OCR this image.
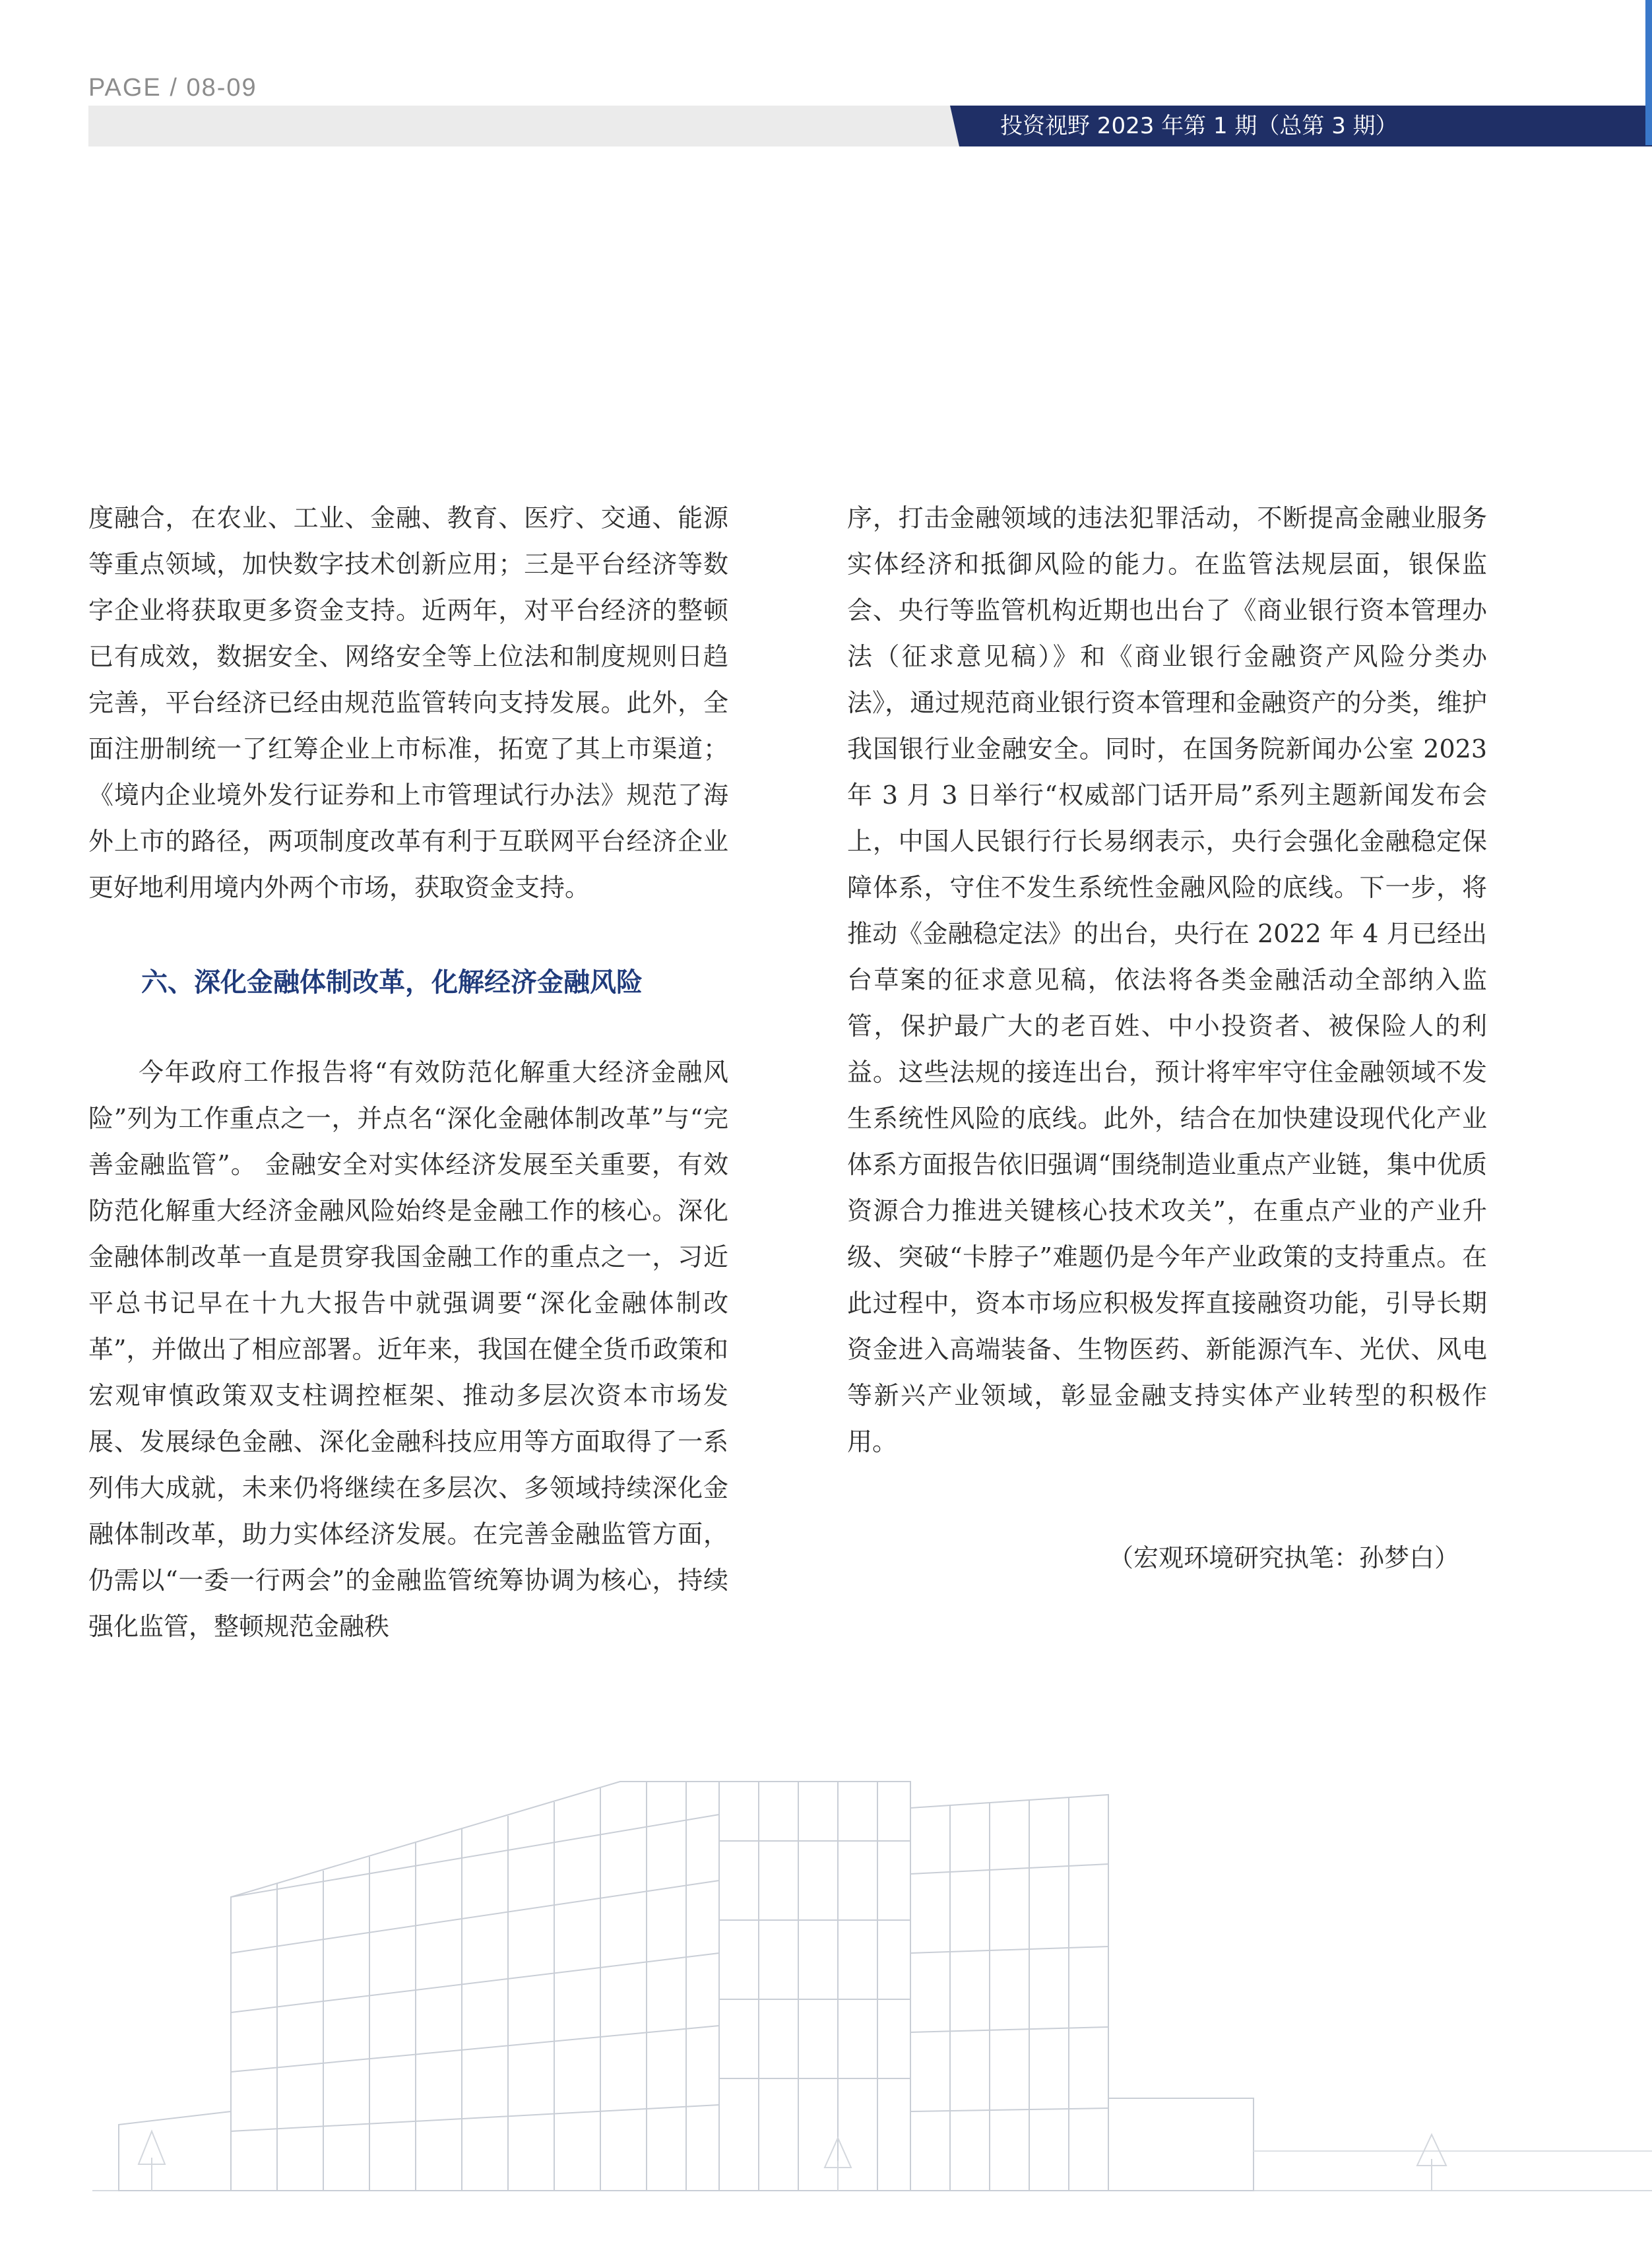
PAGE / 08-09
投资视野 2023 年第 1 期（总第 3 期）

度融合，在农业、工业、金融、教育、医疗、交通、能源等重点领域，加快数字技术创新应用；三是平台经济等数字企业将获取更多资金支持。近两年，对平台经济的整顿已有成效，数据安全、网络安全等上位法和制度规则日趋完善，平台经济已经由规范监管转向支持发展。此外，全面注册制统一了红筹企业上市标准，拓宽了其上市渠道；《境内企业境外发行证券和上市管理试行办法》规范了海外上市的路径，两项制度改革有利于互联网平台经济企业更好地利用境内外两个市场，获取资金支持。

六、深化金融体制改革，化解经济金融风险

今年政府工作报告将“有效防范化解重大经济金融风险”列为工作重点之一，并点名“深化金融体制改革”与“完善金融监管”。 金融安全对实体经济发展至关重要，有效防范化解重大经济金融风险始终是金融工作的核心。深化金融体制改革一直是贯穿我国金融工作的重点之一，习近平总书记早在十九大报告中就强调要“深化金融体制改革”，并做出了相应部署。近年来，我国在健全货币政策和宏观审慎政策双支柱调控框架、推动多层次资本市场发展、发展绿色金融、深化金融科技应用等方面取得了一系列伟大成就，未来仍将继续在多层次、多领域持续深化金融体制改革，助力实体经济发展。在完善金融监管方面，仍需以“一委一行两会”的金融监管统筹协调为核心，持续强化监管，整顿规范金融秩

序，打击金融领域的违法犯罪活动，不断提高金融业服务实体经济和抵御风险的能力。在监管法规层面，银保监会、央行等监管机构近期也出台了《商业银行资本管理办法（征求意见稿）》和《商业银行金融资产风险分类办法》，通过规范商业银行资本管理和金融资产的分类，维护我国银行业金融安全。同时，在国务院新闻办公室 2023 年 3 月 3 日举行“权威部门话开局”系列主题新闻发布会上，中国人民银行行长易纲表示，央行会强化金融稳定保障体系，守住不发生系统性金融风险的底线。下一步，将推动《金融稳定法》的出台，央行在 2022 年 4 月已经出台草案的征求意见稿，依法将各类金融活动全部纳入监管，保护最广大的老百姓、中小投资者、被保险人的利益。这些法规的接连出台，预计将牢牢守住金融领域不发生系统性风险的底线。此外，结合在加快建设现代化产业体系方面报告依旧强调“围绕制造业重点产业链，集中优质资源合力推进关键核心技术攻关”，在重点产业的产业升级、突破“卡脖子”难题仍是今年产业政策的支持重点。在此过程中，资本市场应积极发挥直接融资功能，引导长期资金进入高端装备、生物医药、新能源汽车、光伏、风电等新兴产业领域，彰显金融支持实体产业转型的积极作用。

（宏观环境研究执笔：孙梦白）
